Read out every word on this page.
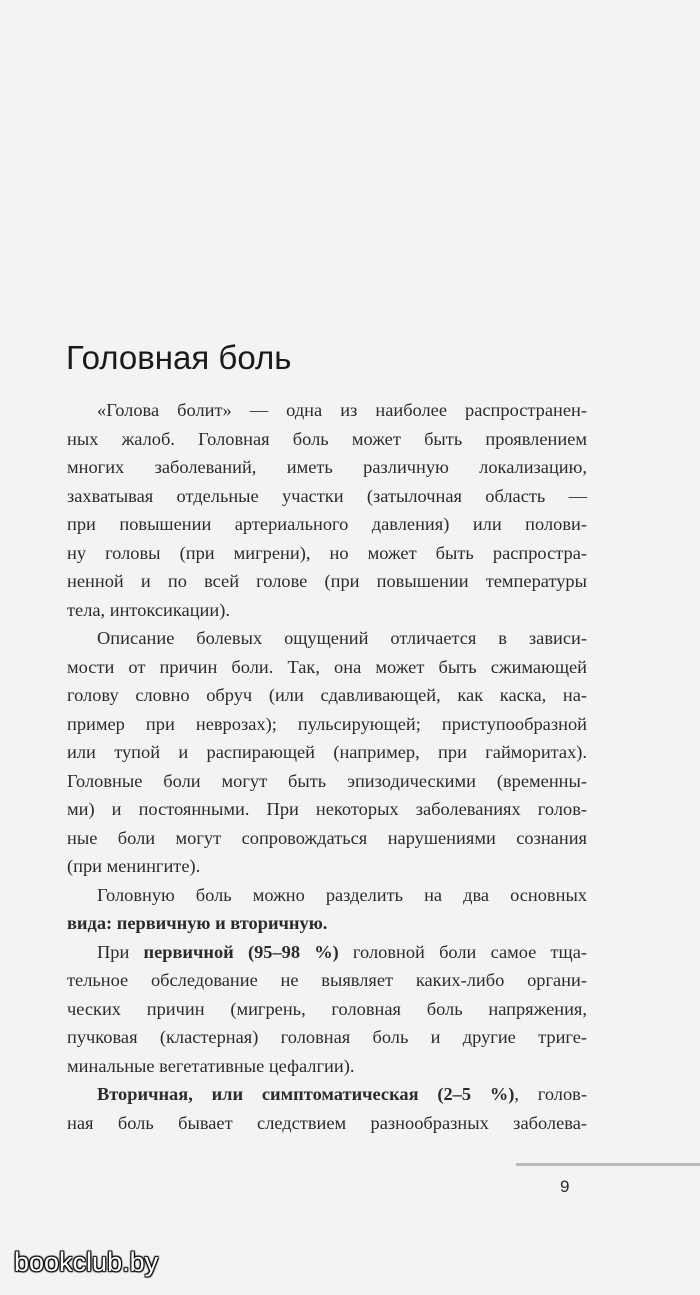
Головная боль
«Голова болит» — одна из наиболее распространен-
ных жалоб. Головная боль может быть проявлением
многих заболеваний, иметь различную локализацию,
захватывая отдельные участки (затылочная область —
при повышении артериального давления) или полови-
ну головы (при мигрени), но может быть распростра-
ненной и по всей голове (при повышении температуры
тела, интоксикации).
Описание болевых ощущений отличается в зависи-
мости от причин боли. Так, она может быть сжимающей
голову словно обруч (или сдавливающей, как каска, на-
пример при неврозах); пульсирующей; приступообразной
или тупой и распирающей (например, при гайморитах).
Головные боли могут быть эпизодическими (временны-
ми) и постоянными. При некоторых заболеваниях голов-
ные боли могут сопровождаться нарушениями сознания
(при менингите).
Головную боль можно разделить на два основных
вида: первичную и вторичную.
При первичной (95–98 %) головной боли самое тща-
тельное обследование не выявляет каких-либо органи-
ческих причин (мигрень, головная боль напряжения,
пучковая (кластерная) головная боль и другие триге-
минальные вегетативные цефалгии).
Вторичная, или симптоматическая (2–5 %), голов-
ная боль бывает следствием разнообразных заболева-
9
bookclub.by
